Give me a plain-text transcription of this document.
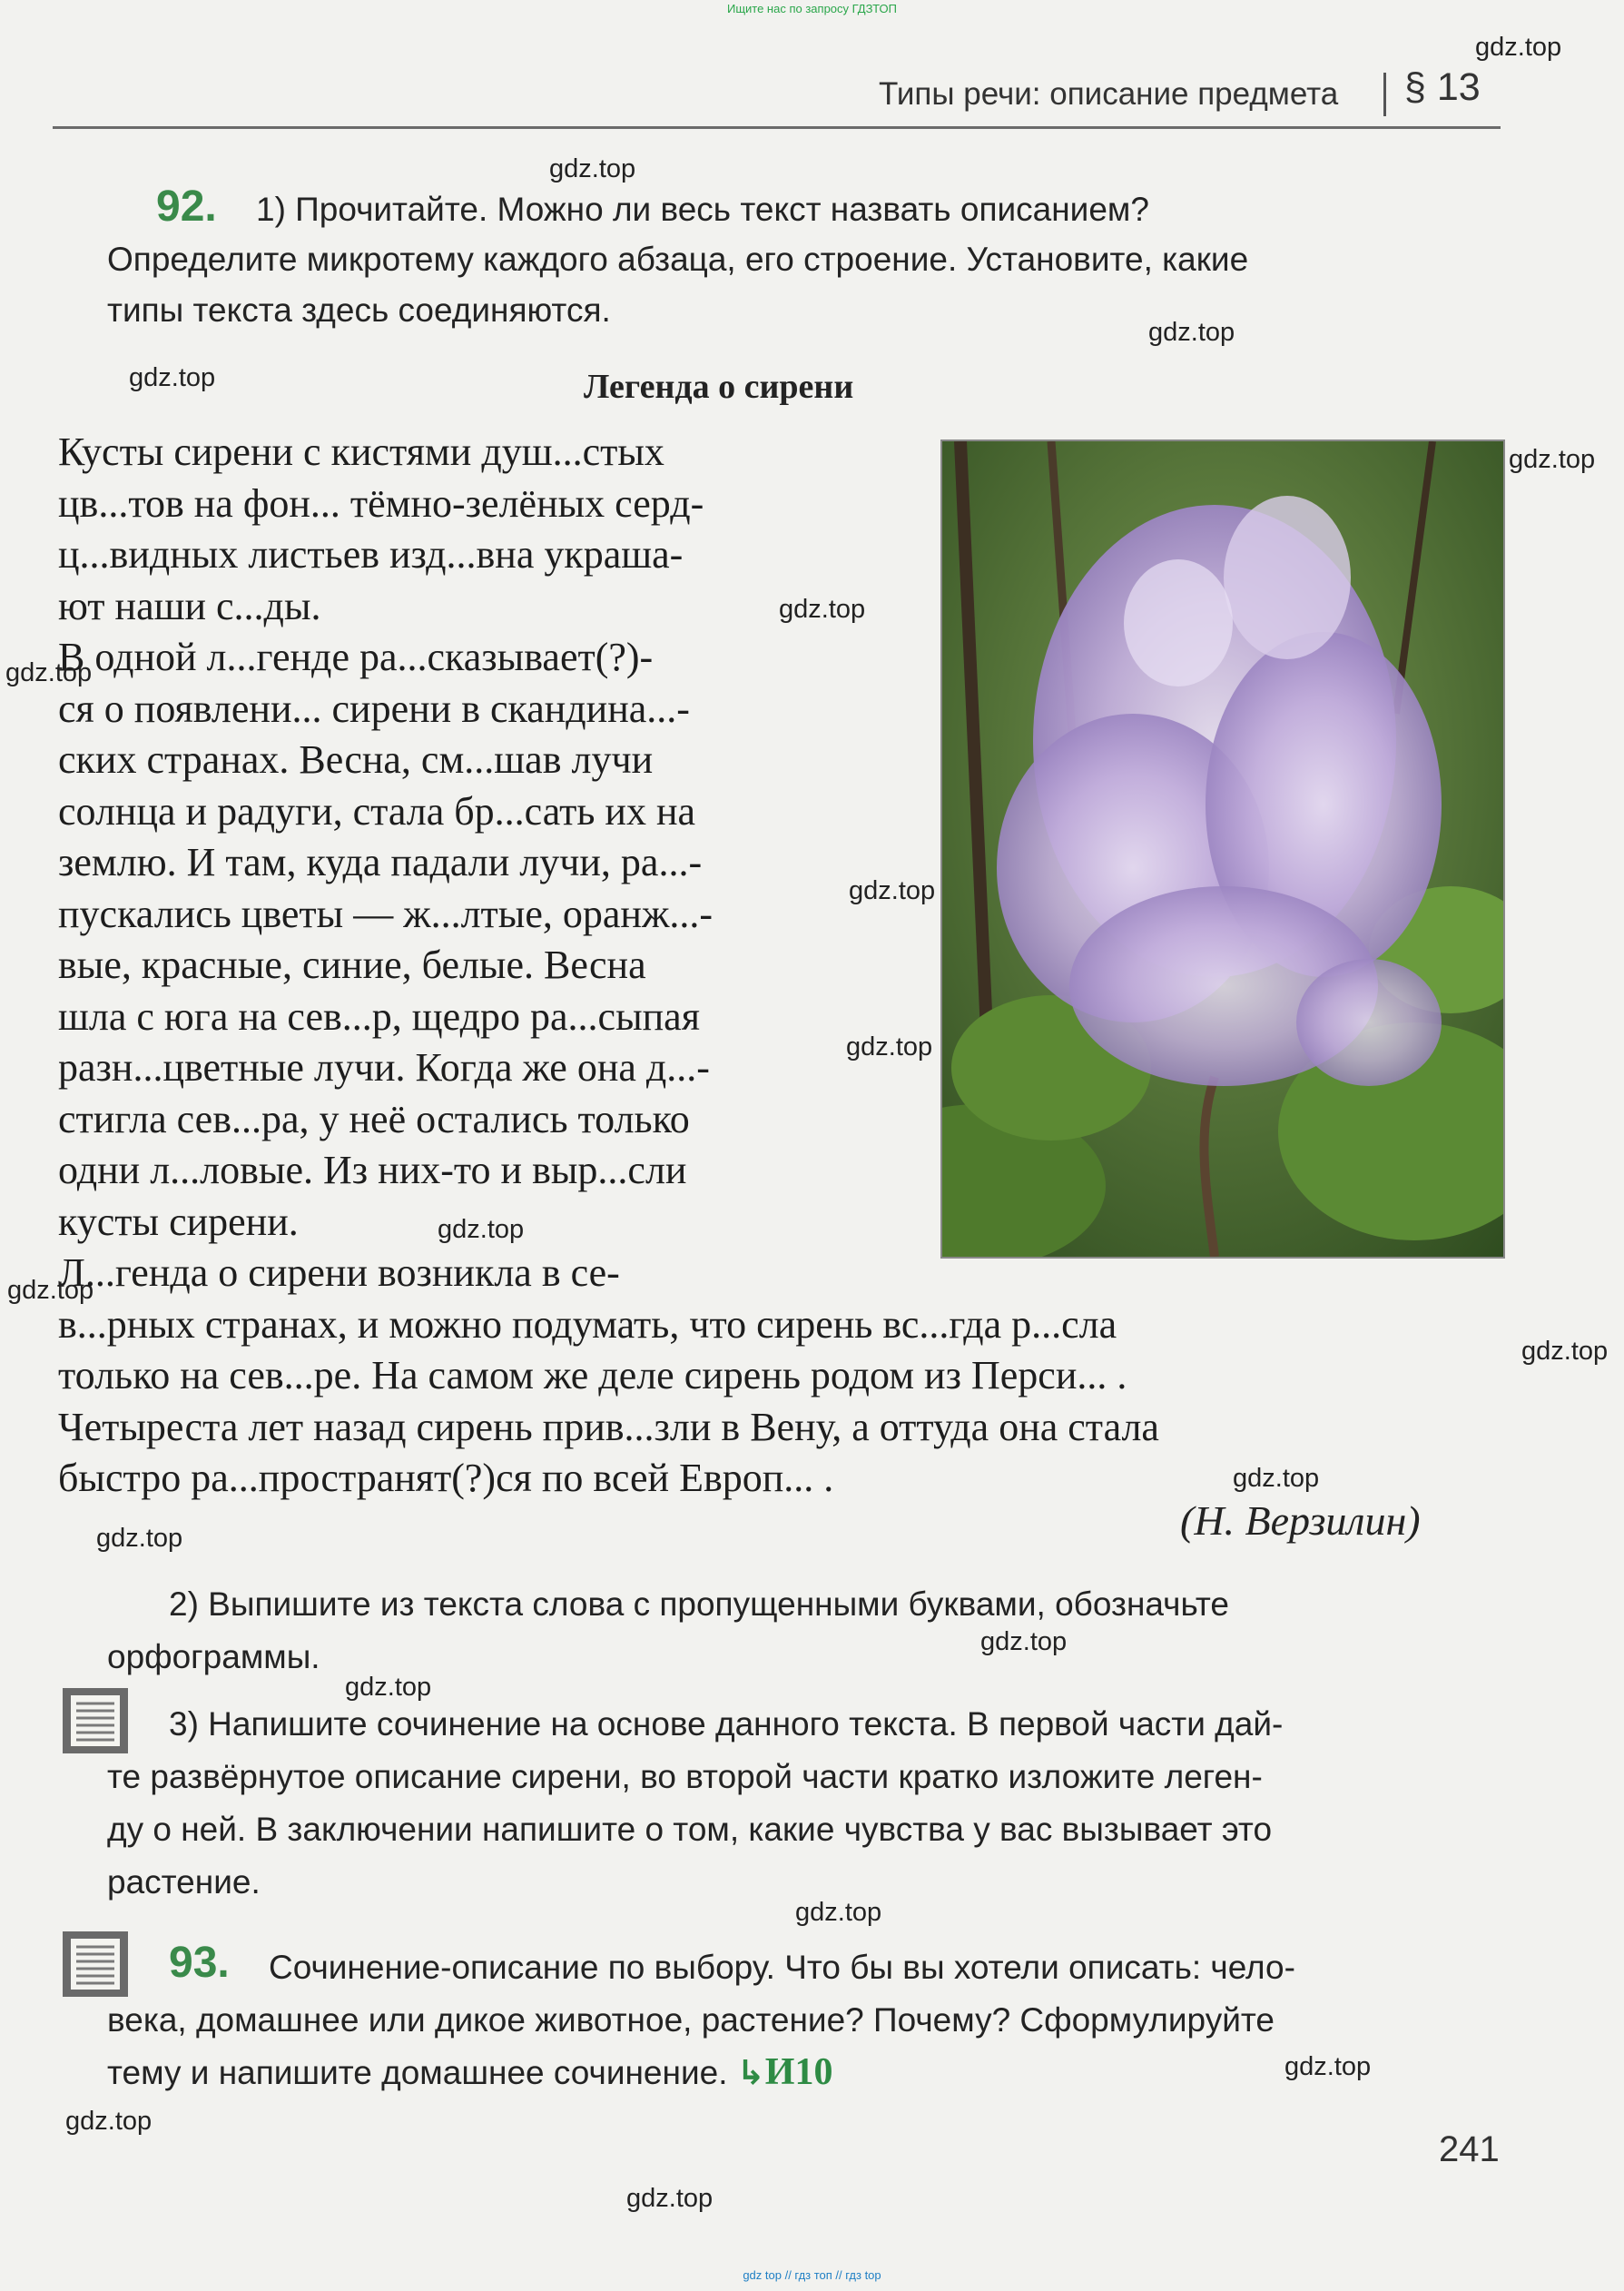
Ищите нас по запросу ГДЗТОП
Типы речи: описание предмета § 13
92. 1) Прочитайте. Можно ли весь текст назвать описанием?
Определите микротему каждого абзаца, его строение. Установите, какие
типы текста здесь соединяются.
Легенда о сирени
Кусты сирени с кистями душ...стых
цв...тов на фон... тёмно-зелёных серд-
ц...видных листьев изд...вна украша-
ют наши с...ды.
В одной л...генде ра...сказывает(?)-
ся о появлени... сирени в скандина...-
ских странах. Весна, см...шав лучи
солнца и радуги, стала бр...сать их на
землю. И там, куда падали лучи, ра...-
пускались цветы — ж...лтые, оранж...-
вые, красные, синие, белые. Весна
шла с юга на сев...р, щедро ра...сыпая
разн...цветные лучи. Когда же она д...-
стигла сев...ра, у неё остались только
одни л...ловые. Из них-то и выр...сли
кусты сирени.
Л...генда о сирени возникла в се-
в...рных странах, и можно подумать, что сирень вс...гда р...сла
только на сев...ре. На самом же деле сирень родом из Перси... .
Четыреста лет назад сирень прив...зли в Вену, а оттуда она стала
быстро ра...пространят(?)ся по всей Европ... .
(Н. Верзилин)
2) Выпишите из текста слова с пропущенными буквами, обозначьте
орфограммы.
3) Напишите сочинение на основе данного текста. В первой части дай-
те развёрнутое описание сирени, во второй части кратко изложите леген-
ду о ней. В заключении напишите о том, какие чувства у вас вызывает это
растение.
93. Сочинение-описание по выбору. Что бы вы хотели описать: чело-
века, домашнее или дикое животное, растение? Почему? Сформулируйте
тему и напишите домашнее сочинение. ↳И10
241
gdz.top
gdz.top
gdz.top
gdz.top
gdz.top
gdz.top
gdz.top
gdz.top
gdz.top
gdz.top
gdz.top
gdz.top
gdz.top
gdz.top
gdz.top
gdz.top
gdz.top
gdz.top
gdz.top
gdz.top
gdz top // гдз топ // гдз top
